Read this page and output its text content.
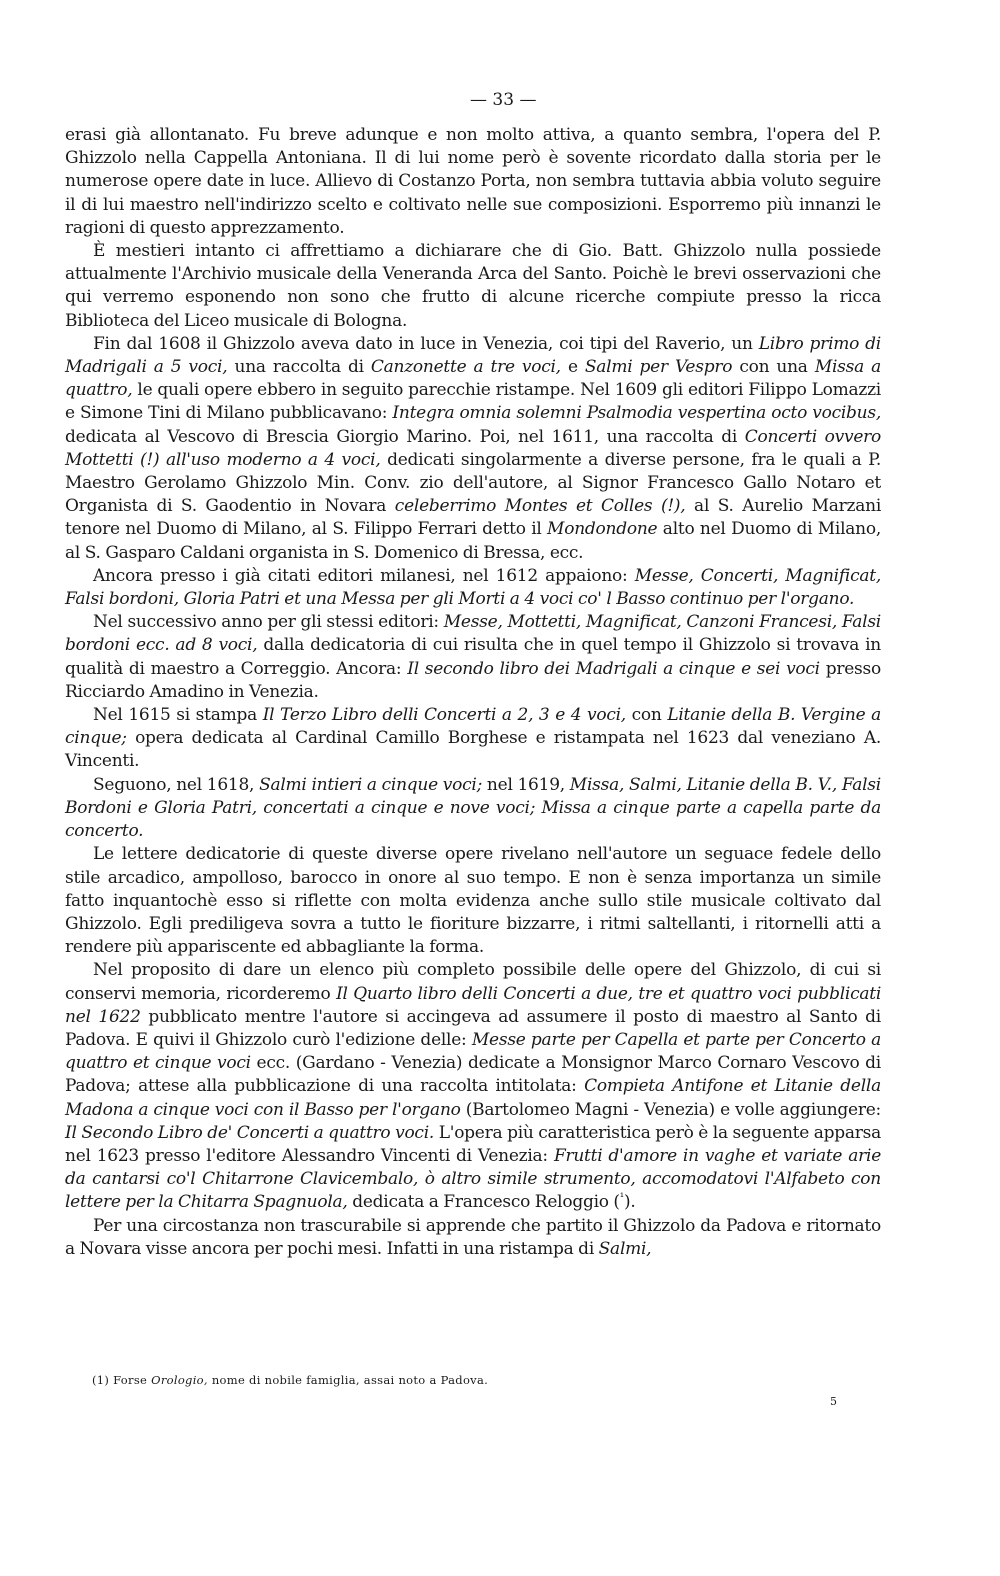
— 33 —

erasi già allontanato. Fu breve adunque e non molto attiva, a quanto sembra, l'opera del P. Ghizzolo nella Cappella Antoniana. Il di lui nome però è sovente ricordato dalla storia per le numerose opere date in luce. Allievo di Costanzo Porta, non sembra tuttavia abbia voluto seguire il di lui maestro nell'indirizzo scelto e coltivato nelle sue composizioni. Esporremo più innanzi le ragioni di questo apprezzamento.

È mestieri intanto ci affrettiamo a dichiarare che di Gio. Batt. Ghizzolo nulla possiede attualmente l'Archivio musicale della Veneranda Arca del Santo. Poichè le brevi osservazioni che qui verremo esponendo non sono che frutto di alcune ricerche compiute presso la ricca Biblioteca del Liceo musicale di Bologna.

Fin dal 1608 il Ghizzolo aveva dato in luce in Venezia, coi tipi del Raverio, un Libro primo di Madrigali a 5 voci, una raccolta di Canzonette a tre voci, e Salmi per Vespro con una Missa a quattro, le quali opere ebbero in seguito parecchie ristampe. Nel 1609 gli editori Filippo Lomazzi e Simone Tini di Milano pubblicavano: Integra omnia solemni Psalmodia vespertina octo vocibus, dedicata al Vescovo di Brescia Giorgio Marino. Poi, nel 1611, una raccolta di Concerti ovvero Mottetti (!) all'uso moderno a 4 voci, dedicati singolarmente a diverse persone, fra le quali a P. Maestro Gerolamo Ghizzolo Min. Conv. zio dell'autore, al Signor Francesco Gallo Notaro et Organista di S. Gaodentio in Novara celeberrimo Montes et Colles (!), al S. Aurelio Marzani tenore nel Duomo di Milano, al S. Filippo Ferrari detto il Mondondone alto nel Duomo di Milano, al S. Gasparo Caldani organista in S. Domenico di Bressa, ecc.

Ancora presso i già citati editori milanesi, nel 1612 appaiono: Messe, Concerti, Magnificat, Falsi bordoni, Gloria Patri et una Messa per gli Morti a 4 voci co' l Basso continuo per l'organo.

Nel successivo anno per gli stessi editori: Messe, Mottetti, Magnificat, Canzoni Francesi, Falsi bordoni ecc. ad 8 voci, dalla dedicatoria di cui risulta che in quel tempo il Ghizzolo si trovava in qualità di maestro a Correggio. Ancora: Il secondo libro dei Madrigali a cinque e sei voci presso Ricciardo Amadino in Venezia.

Nel 1615 si stampa Il Terzo Libro delli Concerti a 2, 3 e 4 voci, con Litanie della B. Vergine a cinque; opera dedicata al Cardinal Camillo Borghese e ristampata nel 1623 dal veneziano A. Vincenti.

Seguono, nel 1618, Salmi intieri a cinque voci; nel 1619, Missa, Salmi, Litanie della B. V., Falsi Bordoni e Gloria Patri, concertati a cinque e nove voci; Missa a cinque parte a capella parte da concerto.

Le lettere dedicatorie di queste diverse opere rivelano nell'autore un seguace fedele dello stile arcadico, ampolloso, barocco in onore al suo tempo. E non è senza importanza un simile fatto inquantochè esso si riflette con molta evidenza anche sullo stile musicale coltivato dal Ghizzolo. Egli prediligeva sovra a tutto le fioriture bizzarre, i ritmi saltellanti, i ritornelli atti a rendere più appariscente ed abbagliante la forma.

Nel proposito di dare un elenco più completo possibile delle opere del Ghizzolo, di cui si conservi memoria, ricorderemo Il Quarto libro delli Concerti a due, tre et quattro voci pubblicati nel 1622 pubblicato mentre l'autore si accingeva ad assumere il posto di maestro al Santo di Padova. E quivi il Ghizzolo curò l'edizione delle: Messe parte per Capella et parte per Concerto a quattro et cinque voci ecc. (Gardano - Venezia) dedicate a Monsignor Marco Cornaro Vescovo di Padova; attese alla pubblicazione di una raccolta intitolata: Compieta Antifone et Litanie della Madona a cinque voci con il Basso per l'organo (Bartolomeo Magni - Venezia) e volle aggiungere: Il Secondo Libro de' Concerti a quattro voci. L'opera più caratteristica però è la seguente apparsa nel 1623 presso l'editore Alessandro Vincenti di Venezia: Frutti d'amore in vaghe et variate arie da cantarsi co'l Chitarrone Clavicembalo, ò altro simile strumento, accomodatovi l'Alfabeto con lettere per la Chitarra Spagnuola, dedicata a Francesco Reloggio ($^{^1}$).

Per una circostanza non trascurabile si apprende che partito il Ghizzolo da Padova e ritornato a Novara visse ancora per pochi mesi. Infatti in una ristampa di Salmi,

(1) Forse Orologio, nome di nobile famiglia, assai noto a Padova.
5
